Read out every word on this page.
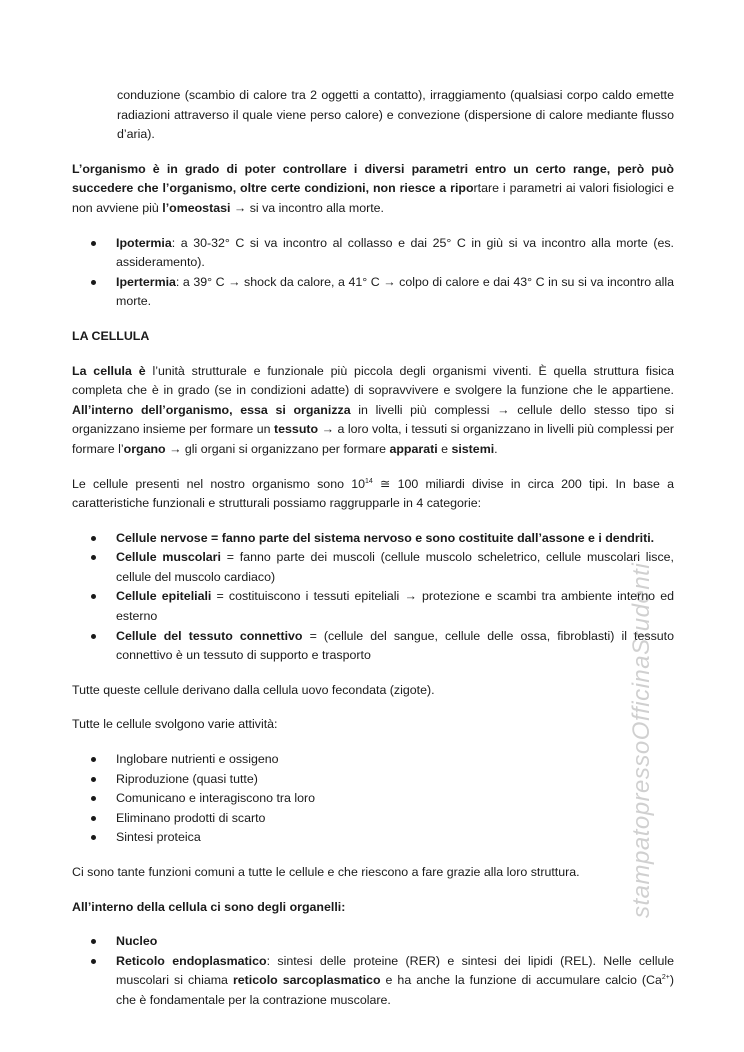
conduzione (scambio di calore tra 2 oggetti a contatto), irraggiamento (qualsiasi corpo caldo emette radiazioni attraverso il quale viene perso calore) e convezione (dispersione di calore mediante flusso d’aria).

L’organismo è in grado di poter controllare i diversi parametri entro un certo range, però può succedere che l’organismo, oltre certe condizioni, non riesce a riportare i parametri ai valori fisiologici e non avviene più l’omeostasi → si va incontro alla morte.

Ipotermia: a 30-32° C si va incontro al collasso e dai 25° C in giù si va incontro alla morte (es. assideramento).
Ipertermia: a 39° C → shock da calore, a 41° C → colpo di calore e dai 43° C in su si va incontro alla morte.

LA CELLULA

La cellula è l’unità strutturale e funzionale più piccola degli organismi viventi. È quella struttura fisica completa che è in grado (se in condizioni adatte) di sopravvivere e svolgere la funzione che le appartiene. All’interno dell’organismo, essa si organizza in livelli più complessi → cellule dello stesso tipo si organizzano insieme per formare un tessuto → a loro volta, i tessuti si organizzano in livelli più complessi per formare l’organo → gli organi si organizzano per formare apparati e sistemi.

Le cellule presenti nel nostro organismo sono $10^{14}$ ≅ 100 miliardi divise in circa 200 tipi. In base a caratteristiche funzionali e strutturali possiamo raggrupparle in 4 categorie:

Cellule nervose = fanno parte del sistema nervoso e sono costituite dall’assone e i dendriti.
Cellule muscolari = fanno parte dei muscoli (cellule muscolo scheletrico, cellule muscolari lisce, cellule del muscolo cardiaco)
Cellule epiteliali = costituiscono i tessuti epiteliali → protezione e scambi tra ambiente interno ed esterno
Cellule del tessuto connettivo = (cellule del sangue, cellule delle ossa, fibroblasti) il tessuto connettivo è un tessuto di supporto e trasporto

Tutte queste cellule derivano dalla cellula uovo fecondata (zigote).

Tutte le cellule svolgono varie attività:

Inglobare nutrienti e ossigeno
Riproduzione (quasi tutte)
Comunicano e interagiscono tra loro
Eliminano prodotti di scarto
Sintesi proteica

Ci sono tante funzioni comuni a tutte le cellule e che riescono a fare grazie alla loro struttura.

All’interno della cellula ci sono degli organelli:

Nucleo
Reticolo endoplasmatico: sintesi delle proteine (RER) e sintesi dei lipidi (REL). Nelle cellule muscolari si chiama reticolo sarcoplasmatico e ha anche la funzione di accumulare calcio $(Ca^{2+})$ che è fondamentale per la contrazione muscolare.
stampatopressoOfficinaStudenti
